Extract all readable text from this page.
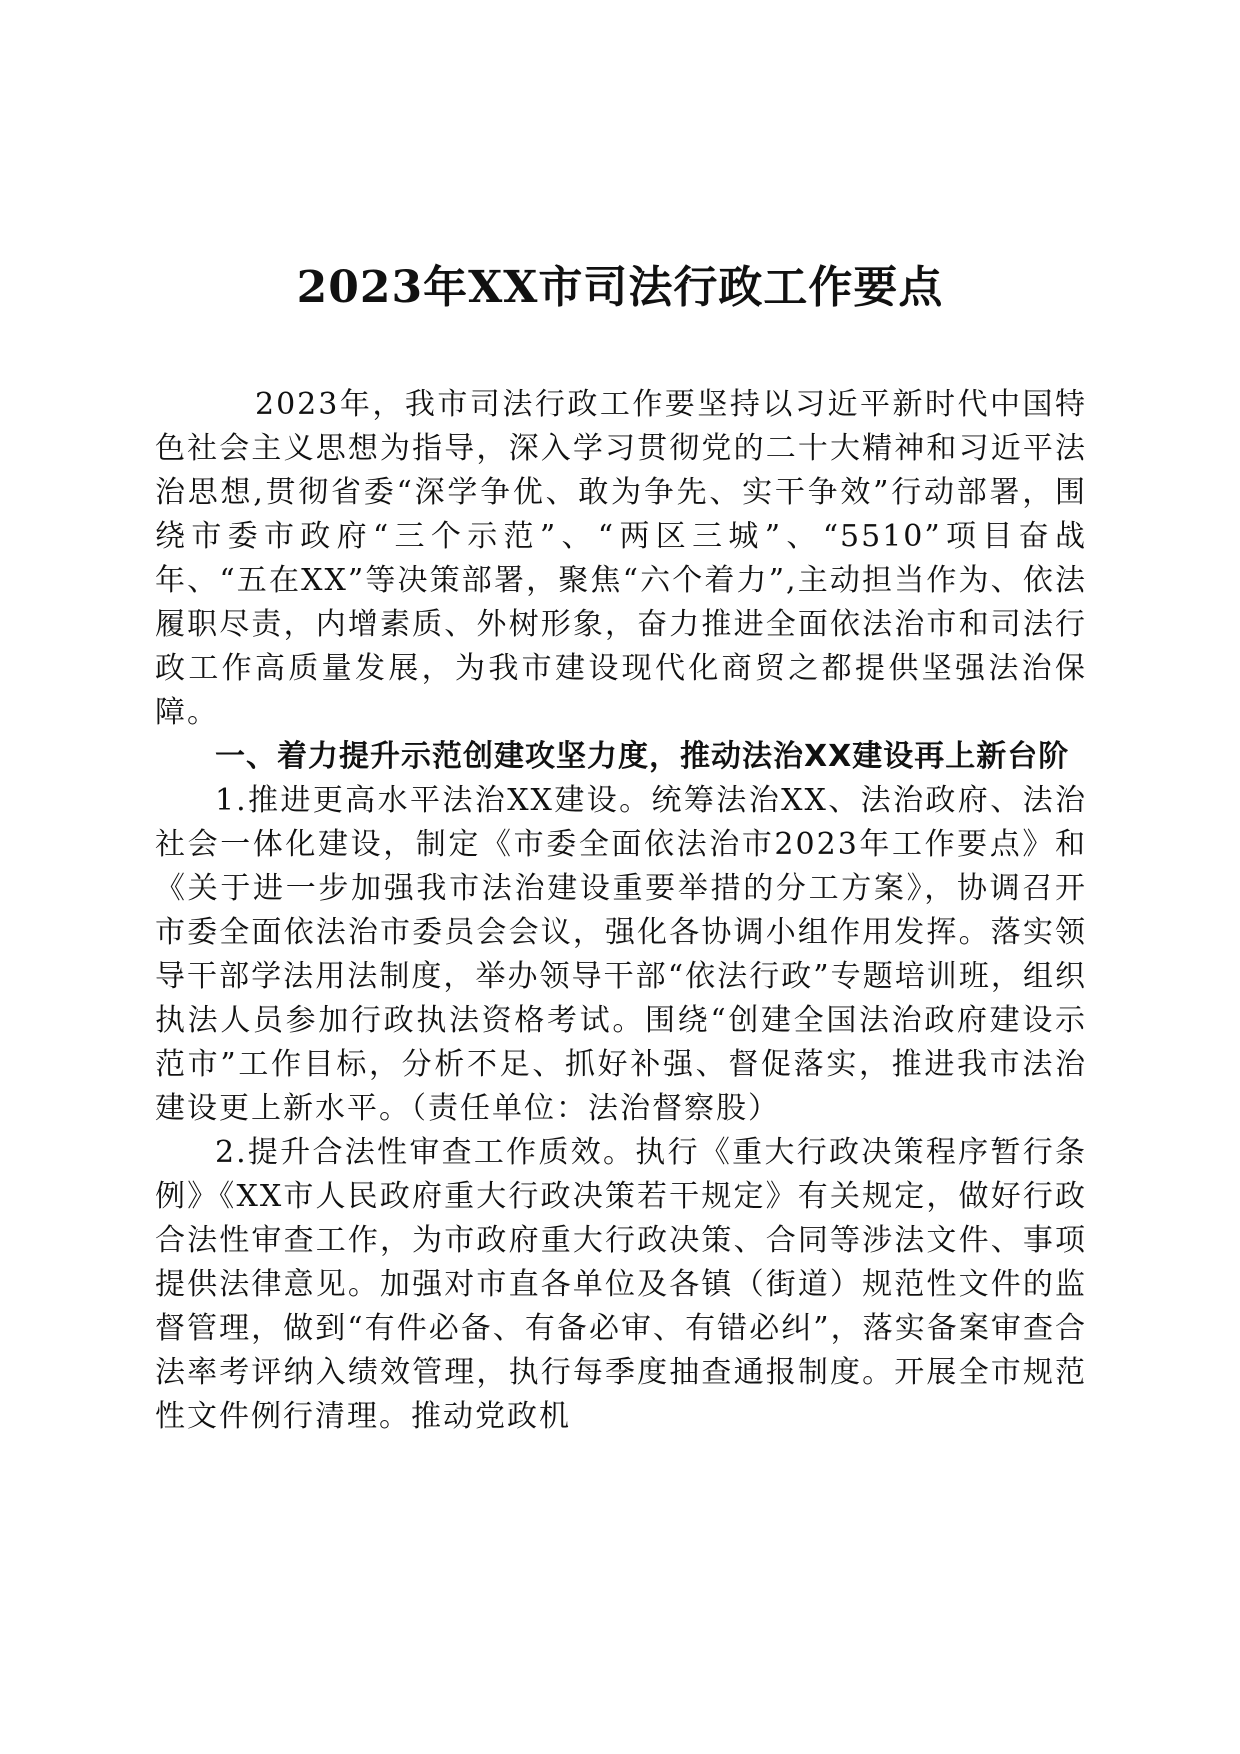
2023年XX市司法行政工作要点

2023年，我市司法行政工作要坚持以习近平新时代中国特色社会主义思想为指导，深入学习贯彻党的二十大精神和习近平法治思想,贯彻省委“深学争优、敢为争先、实干争效”行动部署，围绕市委市政府“三个示范”、“两区三城”、“5510”项目奋战年、“五在XX”等决策部署，聚焦“六个着力”,主动担当作为、依法履职尽责，内增素质、外树形象，奋力推进全面依法治市和司法行政工作高质量发展，为我市建设现代化商贸之都提供坚强法治保障。

一、着力提升示范创建攻坚力度，推动法治XX建设再上新台阶

1.推进更高水平法治XX建设。统筹法治XX、法治政府、法治社会一体化建设，制定《市委全面依法治市2023年工作要点》和《关于进一步加强我市法治建设重要举措的分工方案》，协调召开市委全面依法治市委员会会议，强化各协调小组作用发挥。落实领导干部学法用法制度，举办领导干部“依法行政”专题培训班，组织执法人员参加行政执法资格考试。围绕“创建全国法治政府建设示范市”工作目标，分析不足、抓好补强、督促落实，推进我市法治建设更上新水平。（责任单位：法治督察股）

2.提升合法性审查工作质效。执行《重大行政决策程序暂行条例》《XX市人民政府重大行政决策若干规定》有关规定，做好行政合法性审查工作，为市政府重大行政决策、合同等涉法文件、事项提供法律意见。加强对市直各单位及各镇（街道）规范性文件的监督管理，做到“有件必备、有备必审、有错必纠”，落实备案审查合法率考评纳入绩效管理，执行每季度抽查通报制度。开展全市规范性文件例行清理。推动党政机
